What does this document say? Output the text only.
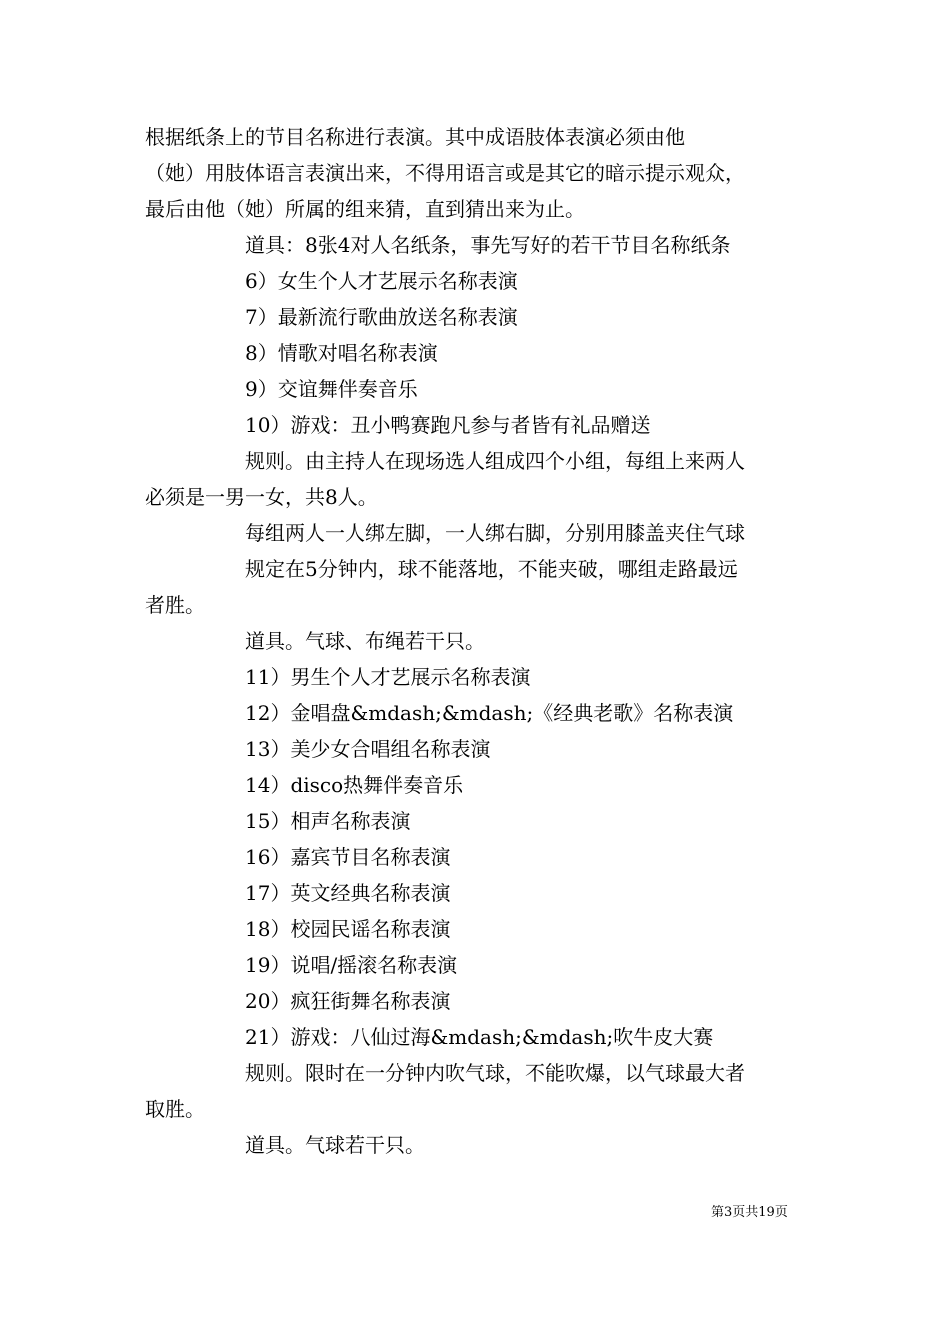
根据纸条上的节目名称进行表演。其中成语肢体表演必须由他
（她）用肢体语言表演出来，不得用语言或是其它的暗示提示观众，
最后由他（她）所属的组来猜，直到猜出来为止。
道具：8张4对人名纸条，事先写好的若干节目名称纸条
6）女生个人才艺展示名称表演
7）最新流行歌曲放送名称表演
8）情歌对唱名称表演
9）交谊舞伴奏音乐
10）游戏：丑小鸭赛跑凡参与者皆有礼品赠送
规则。由主持人在现场选人组成四个小组，每组上来两人
必须是一男一女，共8人。
每组两人一人绑左脚，一人绑右脚，分别用膝盖夹住气球
规定在5分钟内，球不能落地，不能夹破，哪组走路最远
者胜。
道具。气球、布绳若干只。
11）男生个人才艺展示名称表演
12）金唱盘&mdash;&mdash;《经典老歌》名称表演
13）美少女合唱组名称表演
14）disco热舞伴奏音乐
15）相声名称表演
16）嘉宾节目名称表演
17）英文经典名称表演
18）校园民谣名称表演
19）说唱/摇滚名称表演
20）疯狂街舞名称表演
21）游戏：八仙过海&mdash;&mdash;吹牛皮大赛
规则。限时在一分钟内吹气球，不能吹爆，以气球最大者
取胜。
道具。气球若干只。
第3页共19页
